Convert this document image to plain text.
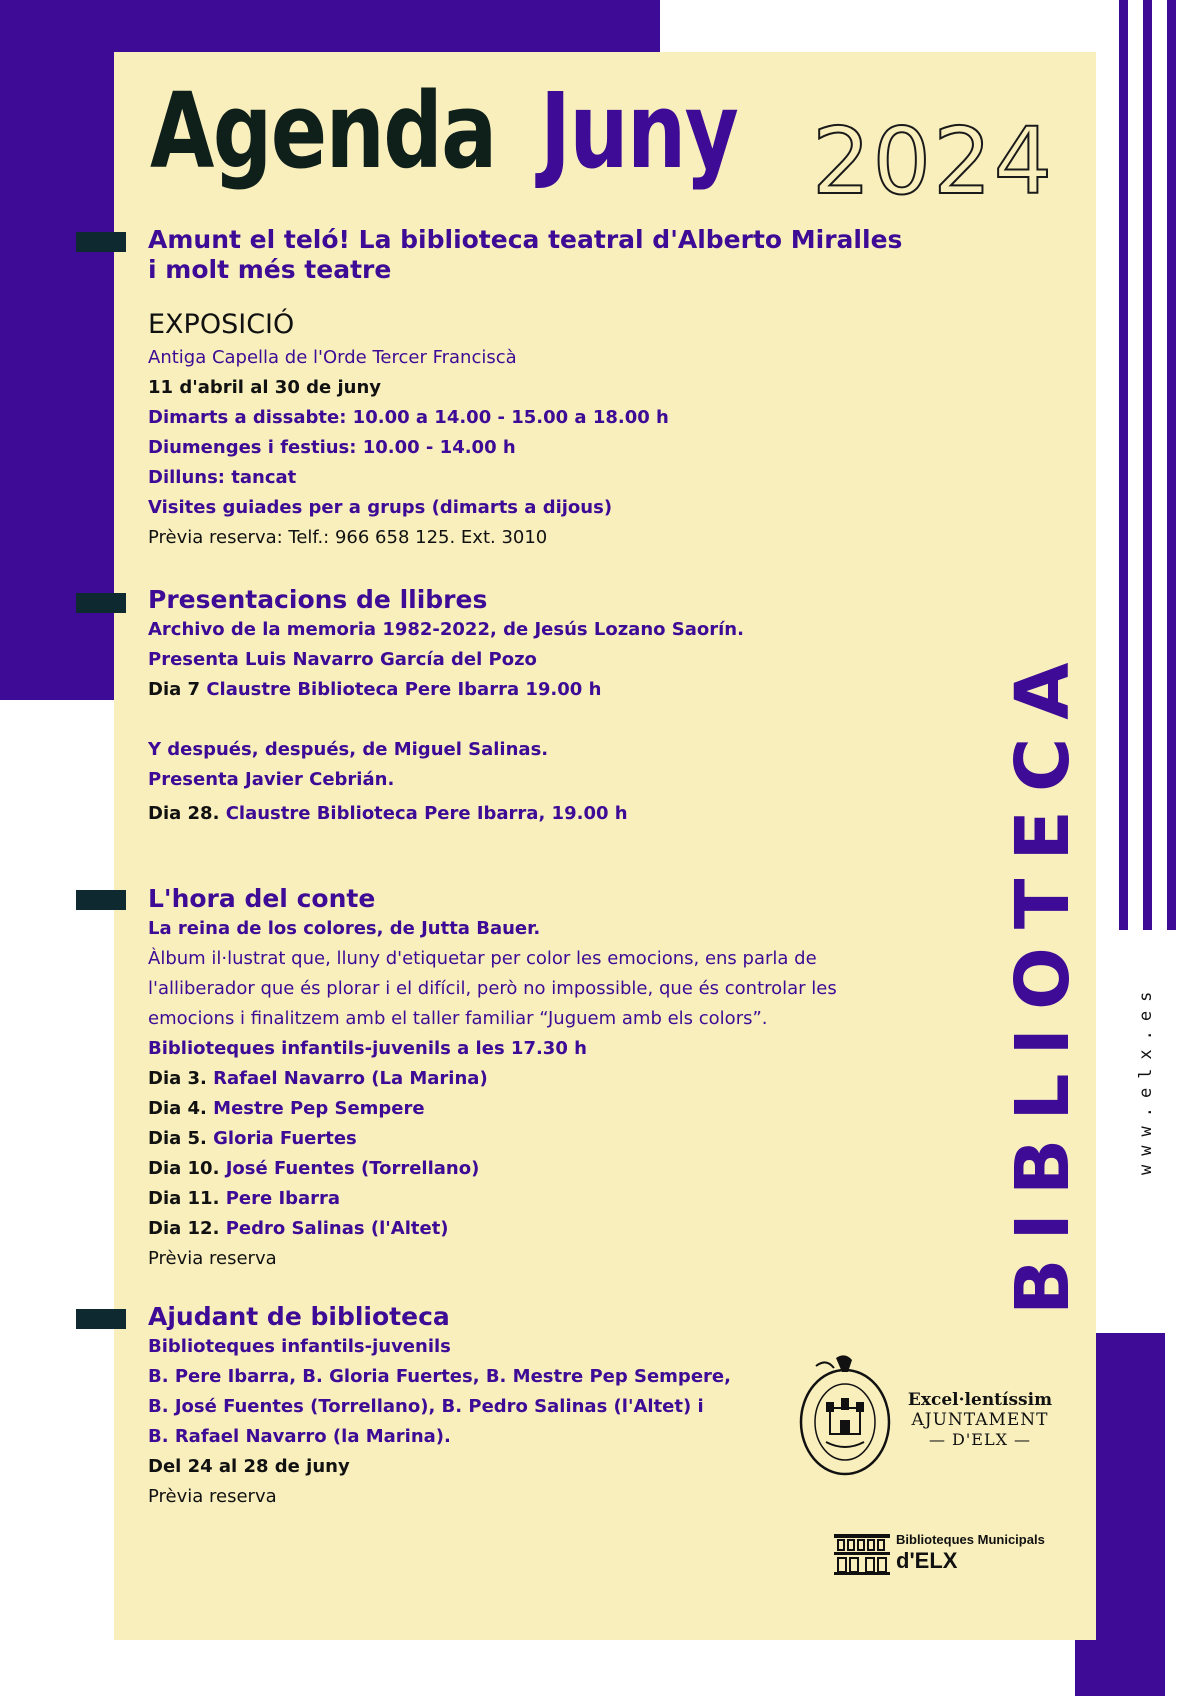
Agenda Juny 2024

Amunt el teló! La biblioteca teatral d'Alberto Miralles i molt més teatre

EXPOSICIÓ

Antiga Capella de l'Orde Tercer Franciscà

11 d'abril al 30 de juny

Dimarts a dissabte: 10.00 a 14.00 - 15.00 a 18.00 h

Diumenges i festius: 10.00 - 14.00 h

Dilluns: tancat

Visites guiades per a grups (dimarts a dijous)

Prèvia reserva: Telf.: 966 658 125. Ext. 3010

Presentacions de llibres

Archivo de la memoria 1982-2022, de Jesús Lozano Saorín.

Presenta Luis Navarro García del Pozo

Dia 7 Claustre Biblioteca Pere Ibarra 19.00 h

Y después, después, de Miguel Salinas.

Presenta Javier Cebrián.

Dia 28. Claustre Biblioteca Pere Ibarra, 19.00 h

L'hora del conte

La reina de los colores, de Jutta Bauer.

Àlbum il·lustrat que, lluny d'etiquetar per color les emocions, ens parla de

l'alliberador que és plorar i el difícil, però no impossible, que és controlar les

emocions i finalitzem amb el taller familiar “Juguem amb els colors”.

Biblioteques infantils-juvenils a les 17.30 h

Dia 3. Rafael Navarro (La Marina)

Dia 4. Mestre Pep Sempere

Dia 5. Gloria Fuertes

Dia 10. José Fuentes (Torrellano)

Dia 11. Pere Ibarra

Dia 12. Pedro Salinas (l'Altet)

Prèvia reserva

Ajudant de biblioteca

Biblioteques infantils-juvenils

B. Pere Ibarra, B. Gloria Fuertes, B. Mestre Pep Sempere,

B. José Fuentes (Torrellano), B. Pedro Salinas (l'Altet) i

B. Rafael Navarro (la Marina).

Del 24 al 28 de juny

Prèvia reserva

BIBLIOTECA	www.elx.es
Excel·lentíssim
AJUNTAMENT
— D'ELX —
Biblioteques Municipals
d'ELX
